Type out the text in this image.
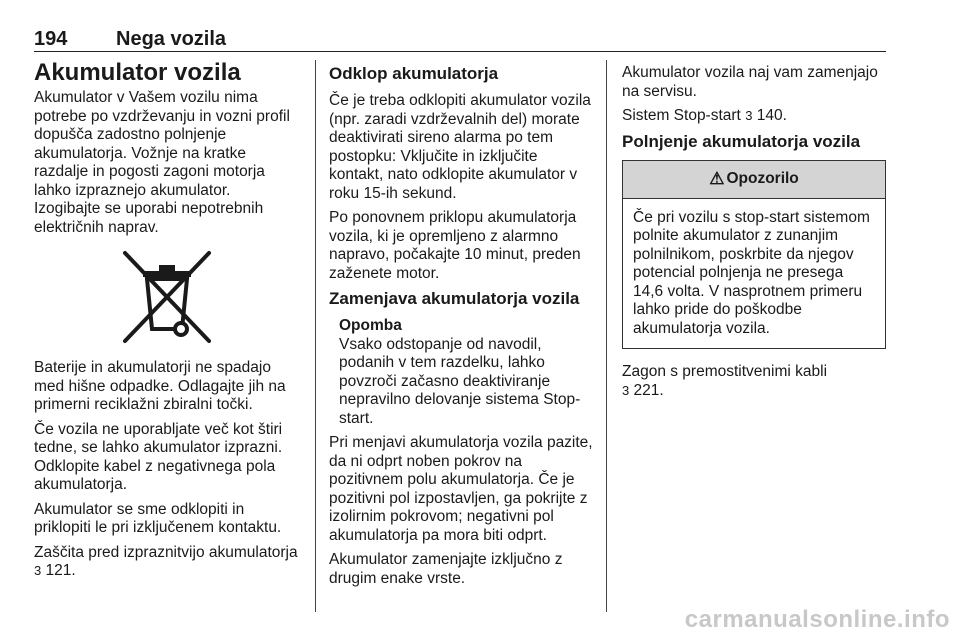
194 Nega vozila
Akumulator vozila

Akumulator v Vašem vozilu nima potrebe po vzdrževanju in vozni profil dopušča zadostno polnjenje akumulatorja. Vožnje na kratke razdalje in pogosti zagoni motorja lahko izpraznejo akumulator. Izogibajte se uporabi nepotrebnih električnih naprav.

Baterije in akumulatorji ne spadajo med hišne odpadke. Odlagajte jih na primerni reciklažni zbiralni točki.

Če vozila ne uporabljate več kot štiri tedne, se lahko akumulator izprazni. Odklopite kabel z negativnega pola akumulatorja.

Akumulator se sme odklopiti in priklopiti le pri izključenem kontaktu.

Zaščita pred izpraznitvijo akumulatorja 3 121.

Odklop akumulatorja

Če je treba odklopiti akumulator vozila (npr. zaradi vzdrževalnih del) morate deaktivirati sireno alarma po tem postopku: Vključite in izključite kontakt, nato odklopite akumulator v roku 15-ih sekund.

Po ponovnem priklopu akumulatorja vozila, ki je opremljeno z alarmno napravo, počakajte 10 minut, preden zaženete motor.

Zamenjava akumulatorja vozila
Opomba
Vsako odstopanje od navodil, podanih v tem razdelku, lahko povzroči začasno deaktiviranje nepravilno delovanje sistema Stop-start.

Pri menjavi akumulatorja vozila pazite, da ni odprt noben pokrov na pozitivnem polu akumulatorja. Če je pozitivni pol izpostavljen, ga pokrijte z izolirnim pokrovom; negativni pol akumulatorja pa mora biti odprt.

Akumulator zamenjajte izključno z drugim enake vrste.

Akumulator vozila naj vam zamenjajo na servisu.

Sistem Stop-start 3 140.

Polnjenje akumulatorja vozila
⚠ Opozorilo
Če pri vozilu s stop-start sistemom polnite akumulator z zunanjim polnilnikom, poskrbite da njegov potencial polnjenja ne presega 14,6 volta. V nasprotnem primeru lahko pride do poškodbe akumulatorja vozila.

Zagon s premostitvenimi kabli
3 221.

carmanualsonline.info
